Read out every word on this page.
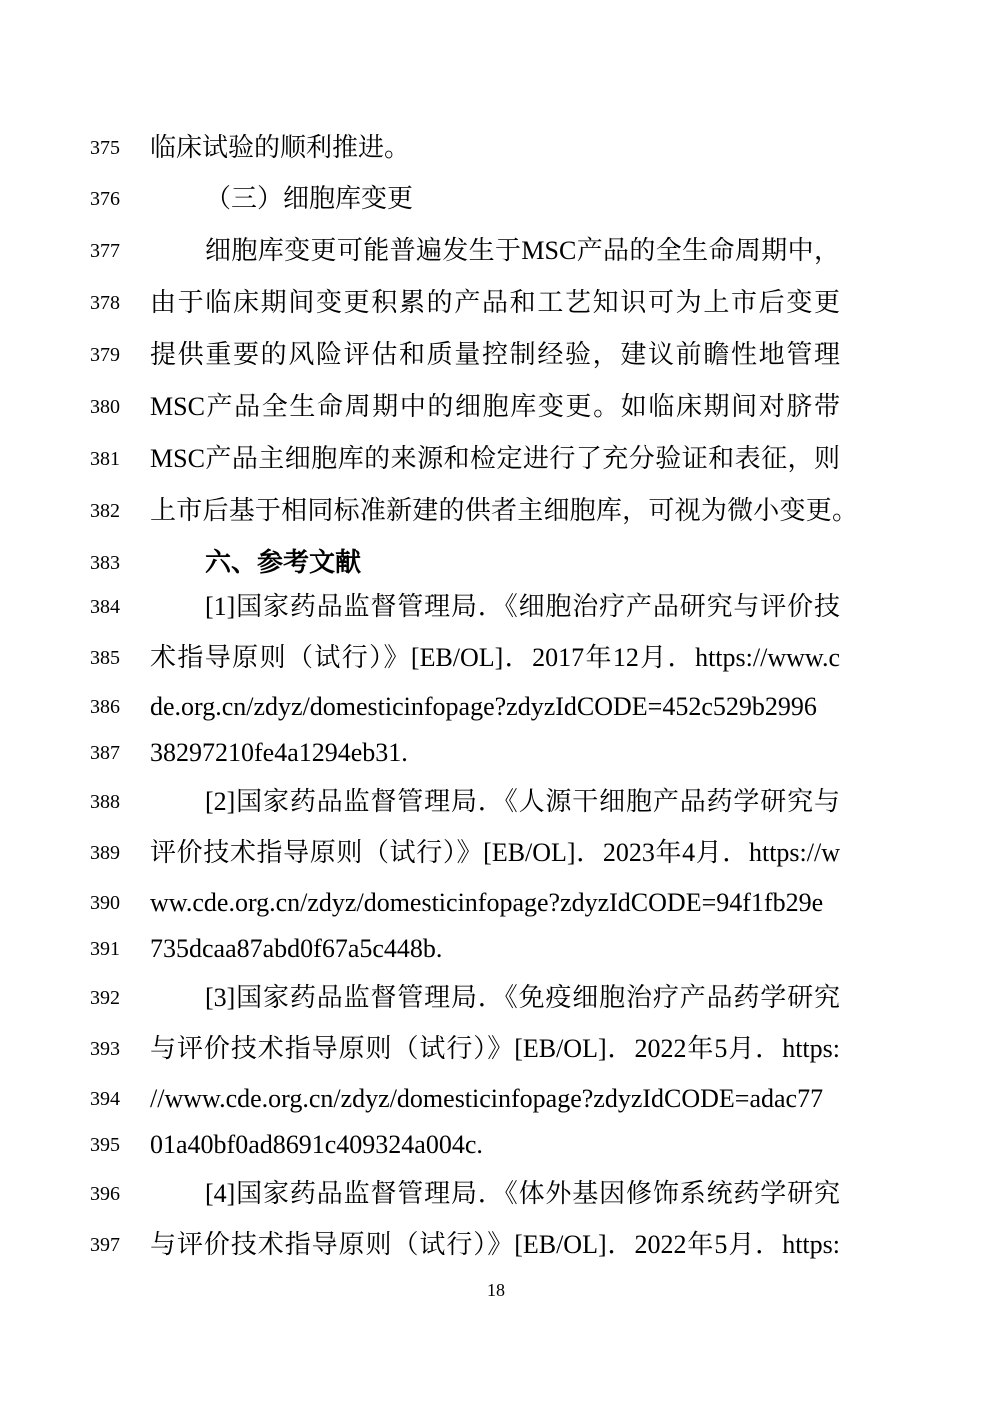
375 临床试验的顺利推进。
376	（三）细胞库变更
377	细胞库变更可能普遍发生于MSC产品的全生命周期中，
378 由于临床期间变更积累的产品和工艺知识可为上市后变更
379 提供重要的风险评估和质量控制经验，建议前瞻性地管理
380 MSC产品全生命周期中的细胞库变更。如临床期间对脐带
381 MSC产品主细胞库的来源和检定进行了充分验证和表征，则
382 上市后基于相同标准新建的供者主细胞库，可视为微小变更。
383	六、参考文献
384	[1]国家药品监督管理局．《细胞治疗产品研究与评价技
385 术指导原则（试行）》[EB/OL]．2017年12月．https://www.c
386 de.org.cn/zdyz/domesticinfopage?zdyzIdCODE=452c529b2996
387 38297210fe4a1294eb31.
388	[2]国家药品监督管理局．《人源干细胞产品药学研究与
389 评价技术指导原则（试行）》[EB/OL]．2023年4月．https://w
390 ww.cde.org.cn/zdyz/domesticinfopage?zdyzIdCODE=94f1fb29e
391 735dcaa87abd0f67a5c448b.
392	[3]国家药品监督管理局．《免疫细胞治疗产品药学研究
393 与评价技术指导原则（试行）》[EB/OL]．2022年5月．https:
394 //www.cde.org.cn/zdyz/domesticinfopage?zdyzIdCODE=adac77
395 01a40bf0ad8691c409324a004c.
396	[4]国家药品监督管理局．《体外基因修饰系统药学研究
397 与评价技术指导原则（试行）》[EB/OL]．2022年5月．https:
18
